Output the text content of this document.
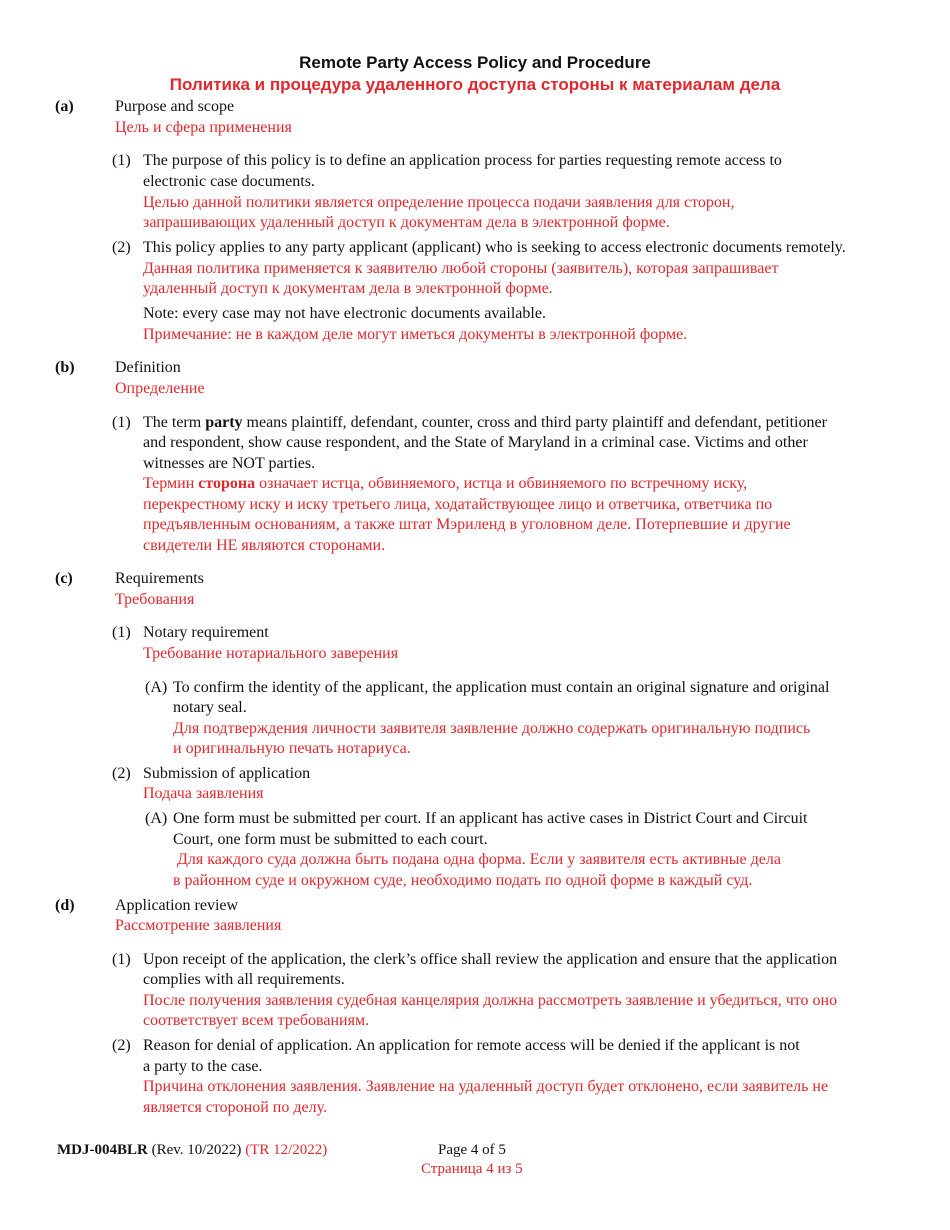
Remote Party Access Policy and Procedure
Политика и процедура удаленного доступа стороны к материалам дела
(a)	Purpose and scope
Цель и сфера применения
(1) The purpose of this policy is to define an application process for parties requesting remote access to
electronic case documents.
Целью данной политики является определение процесса подачи заявления для сторон,
запрашивающих удаленный доступ к документам дела в электронной форме.
(2) This policy applies to any party applicant (applicant) who is seeking to access electronic documents remotely.
Данная политика применяется к заявителю любой стороны (заявитель), которая запрашивает
удаленный доступ к документам дела в электронной форме.
Note: every case may not have electronic documents available.
Примечание: не в каждом деле могут иметься документы в электронной форме.
(b)	Definition
Определение
(1) The term party means plaintiff, defendant, counter, cross and third party plaintiff and defendant, petitioner
and respondent, show cause respondent, and the State of Maryland in a criminal case. Victims and other
witnesses are NOT parties.
Термин сторона означает истца, обвиняемого, истца и обвиняемого по встречному иску,
перекрестному иску и иску третьего лица, ходатайствующее лицо и ответчика, ответчика по
предъявленным основаниям, а также штат Мэриленд в уголовном деле. Потерпевшие и другие
свидетели НЕ являются сторонами.
(c)	Requirements
Требования
(1) Notary requirement
Требование нотариального заверения
(A) To confirm the identity of the applicant, the application must contain an original signature and original
notary seal.
Для подтверждения личности заявителя заявление должно содержать оригинальную подпись
и оригинальную печать нотариуса.
(2) Submission of application
Подача заявления
(A) One form must be submitted per court. If an applicant has active cases in District Court and Circuit
Court, one form must be submitted to each court.
Для каждого суда должна быть подана одна форма. Если у заявителя есть активные дела
в районном суде и окружном суде, необходимо подать по одной форме в каждый суд.
(d)	Application review
Рассмотрение заявления
(1) Upon receipt of the application, the clerk’s office shall review the application and ensure that the application
complies with all requirements.
После получения заявления судебная канцелярия должна рассмотреть заявление и убедиться, что оно
соответствует всем требованиям.
(2) Reason for denial of application. An application for remote access will be denied if the applicant is not
a party to the case.
Причина отклонения заявления. Заявление на удаленный доступ будет отклонено, если заявитель не
является стороной по делу.
MDJ-004BLR (Rev. 10/2022) (TR 12/2022)	Page 4 of 5
Страница 4 из 5
